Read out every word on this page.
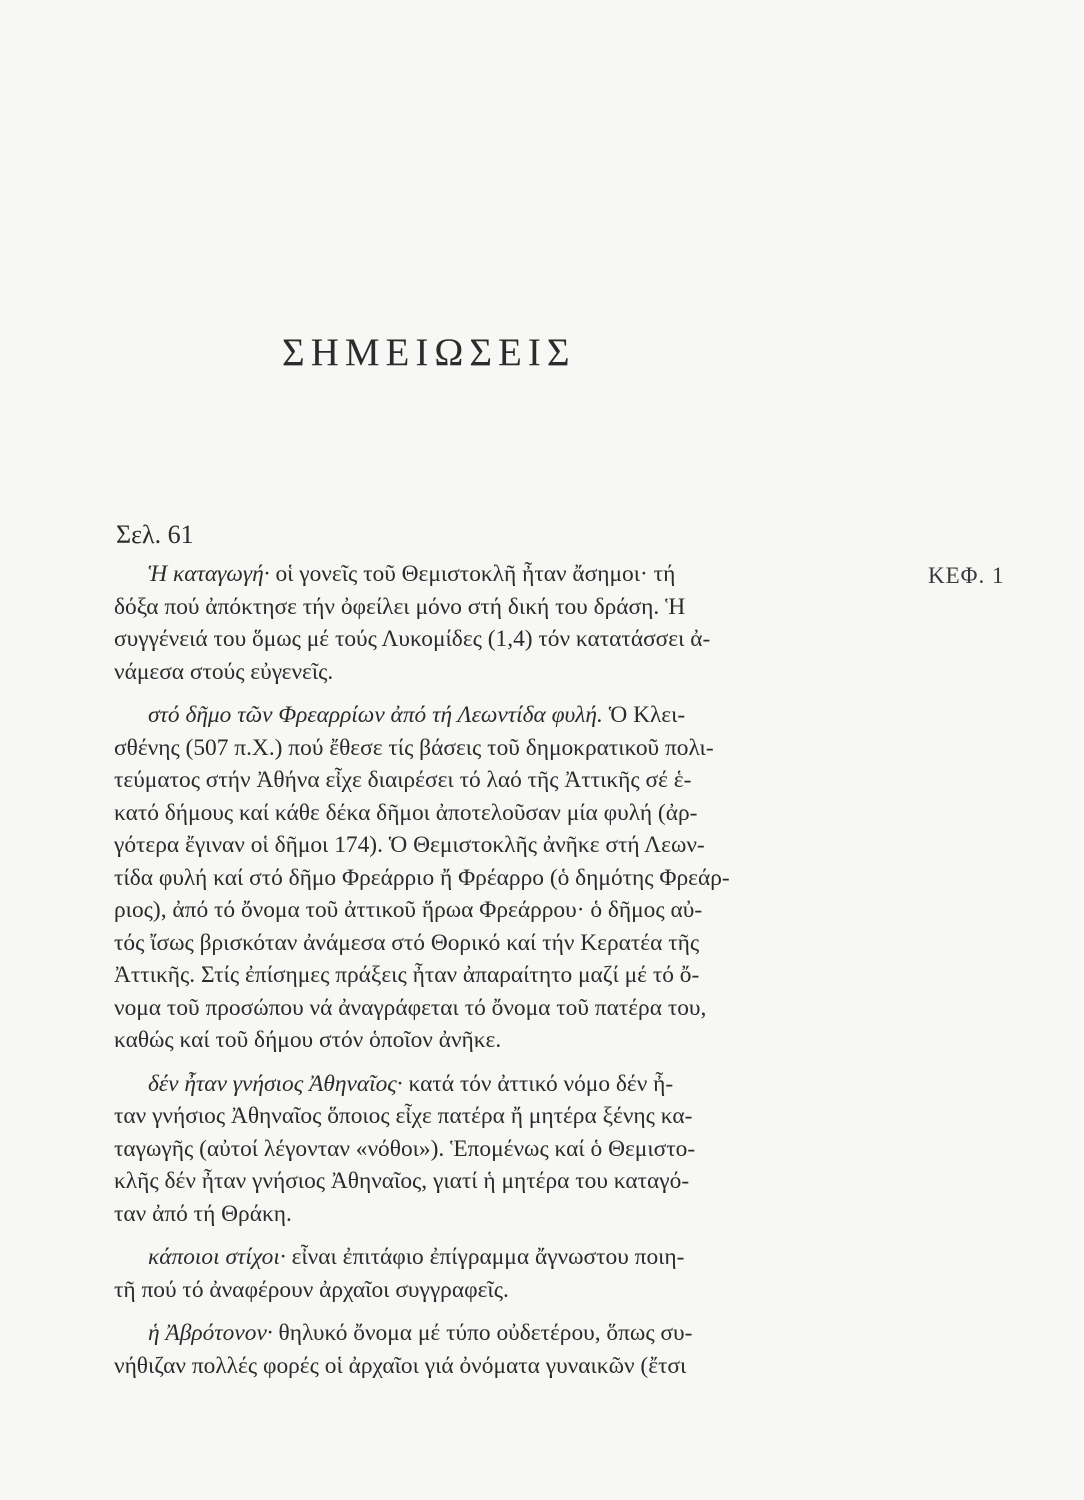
ΣΗΜΕΙΩΣΕΙΣ
Σελ. 61
ΚΕΦ. 1
Ἡ καταγωγή· οἱ γονεῖς τοῦ Θεμιστοκλῆ ἦταν ἄσημοι· τή
δόξα πού ἀπόκτησε τήν ὀφείλει μόνο στή δική του δράση. Ἡ
συγγένειά του ὅμως μέ τούς Λυκομίδες (1,4) τόν κατατάσσει ἀ-
νάμεσα στούς εὐγενεῖς.
στό δῆμο τῶν Φρεαρρίων ἀπό τή Λεωντίδα φυλή. Ὁ Κλει-
σθένης (507 π.Χ.) πού ἔθεσε τίς βάσεις τοῦ δημοκρατικοῦ πολι-
τεύματος στήν Ἀθήνα εἶχε διαιρέσει τό λαό τῆς Ἀττικῆς σέ ἑ-
κατό δήμους καί κάθε δέκα δῆμοι ἀποτελοῦσαν μία φυλή (ἀρ-
γότερα ἔγιναν οἱ δῆμοι 174). Ὁ Θεμιστοκλῆς ἀνῆκε στή Λεων-
τίδα φυλή καί στό δῆμο Φρεάρριο ἤ Φρέαρρο (ὁ δημότης Φρεάρ-
ριος), ἀπό τό ὄνομα τοῦ ἀττικοῦ ἥρωα Φρεάρρου· ὁ δῆμος αὐ-
τός ἴσως βρισκόταν ἀνάμεσα στό Θορικό καί τήν Κερατέα τῆς
Ἀττικῆς. Στίς ἐπίσημες πράξεις ἦταν ἀπαραίτητο μαζί μέ τό ὄ-
νομα τοῦ προσώπου νά ἀναγράφεται τό ὄνομα τοῦ πατέρα του,
καθώς καί τοῦ δήμου στόν ὁποῖον ἀνῆκε.
δέν ἦταν γνήσιος Ἀθηναῖος· κατά τόν ἀττικό νόμο δέν ἦ-
ταν γνήσιος Ἀθηναῖος ὅποιος εἶχε πατέρα ἤ μητέρα ξένης κα-
ταγωγῆς (αὐτοί λέγονταν «νόθοι»). Ἑπομένως καί ὁ Θεμιστο-
κλῆς δέν ἦταν γνήσιος Ἀθηναῖος, γιατί ἡ μητέρα του καταγό-
ταν ἀπό τή Θράκη.
κάποιοι στίχοι· εἶναι ἐπιτάφιο ἐπίγραμμα ἄγνωστου ποιη-
τῆ πού τό ἀναφέρουν ἀρχαῖοι συγγραφεῖς.
ἡ Ἀβρότονον· θηλυκό ὄνομα μέ τύπο οὐδετέρου, ὅπως συ-
νήθιζαν πολλές φορές οἱ ἀρχαῖοι γιά ὀνόματα γυναικῶν (ἔτσι
